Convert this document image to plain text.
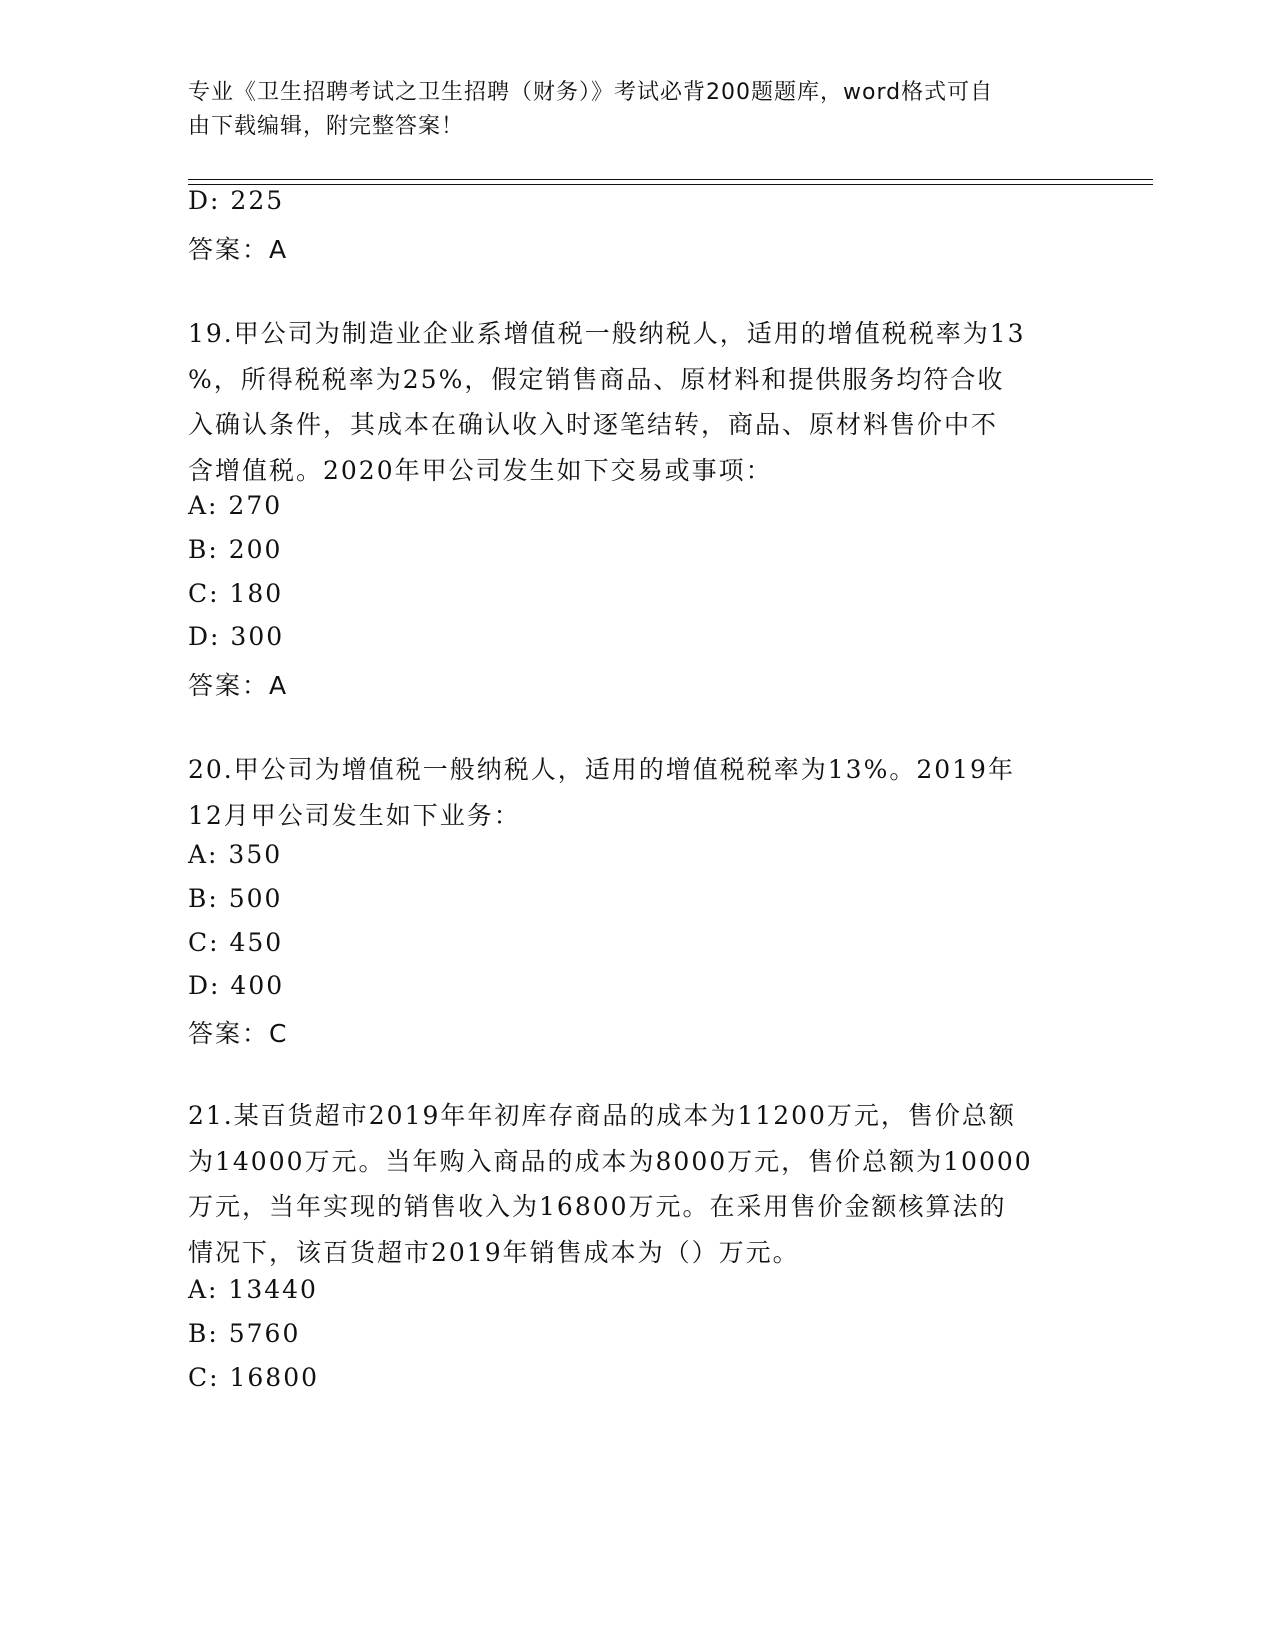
专业《卫生招聘考试之卫生招聘（财务）》考试必背200题题库，word格式可自
由下载编辑，附完整答案！
D: 225
答案：A
19.甲公司为制造业企业系增值税一般纳税人，适用的增值税税率为13
%，所得税税率为25%，假定销售商品、原材料和提供服务均符合收
入确认条件，其成本在确认收入时逐笔结转，商品、原材料售价中不
含增值税。2020年甲公司发生如下交易或事项：
A: 270
B: 200
C: 180
D: 300
答案：A
20.甲公司为增值税一般纳税人，适用的增值税税率为13%。2019年
12月甲公司发生如下业务：
A: 350
B: 500
C: 450
D: 400
答案：C
21.某百货超市2019年年初库存商品的成本为11200万元，售价总额
为14000万元。当年购入商品的成本为8000万元，售价总额为10000
万元，当年实现的销售收入为16800万元。在采用售价金额核算法的
情况下，该百货超市2019年销售成本为（）万元。
A: 13440
B: 5760
C: 16800
